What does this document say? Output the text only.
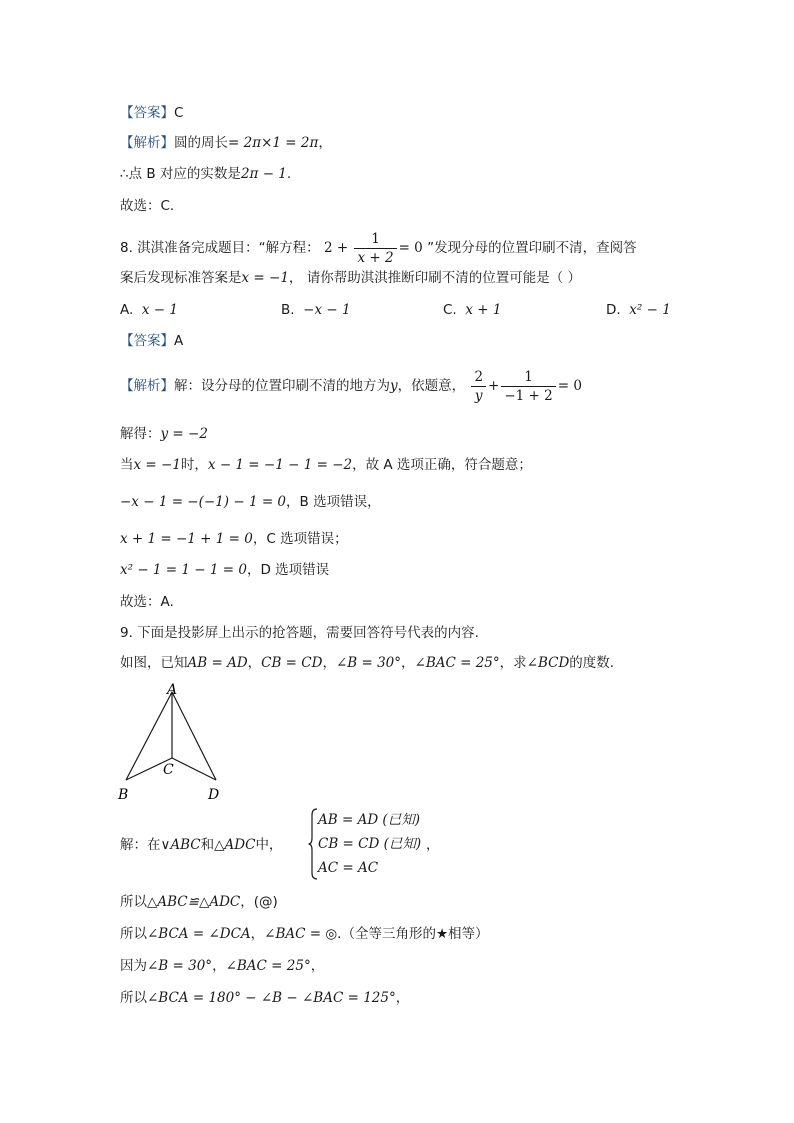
【答案】C
【解析】圆的周长= 2π×1 = 2π，
∴点 B 对应的实数是2π − 1.
故选：C.
8. 淇淇准备完成题目：“解方程： $2 + \frac{1}{x + 2} = 0$ ”发现分母的位置印刷不清，查阅答
案后发现标准答案是x = −1， 请你帮助淇淇推断印刷不清的位置可能是（ ）
A. x − 1	B. −x − 1	C. x + 1	D. x² − 1
【答案】A
【解析】解：设分母的位置印刷不清的地方为y，依题意， $\frac{2}{y} + \frac{1}{-1 + 2} = 0$
解得：y = −2
当x = −1时，x − 1 = −1 − 1 = −2，故 A 选项正确，符合题意；
−x − 1 = −(−1) − 1 = 0，B 选项错误，
x + 1 = −1 + 1 = 0，C 选项错误；
x² − 1 = 1 − 1 = 0，D 选项错误
故选：A.
9. 下面是投影屏上出示的抢答题，需要回答符号代表的内容.
如图，已知AB = AD，CB = CD，∠B = 30°，∠BAC = 25°，求∠BCD的度数.
A
B
C
D
解：在∨ABC和△ADC中，
AB = AD (已知)
CB = CD (已知)
AC = AC
，
所以△ABC≌△ADC，(@)
所以∠BCA = ∠DCA，∠BAC = ◎.（全等三角形的★相等）
因为∠B = 30°，∠BAC = 25°，
所以∠BCA = 180° − ∠B − ∠BAC = 125°，
